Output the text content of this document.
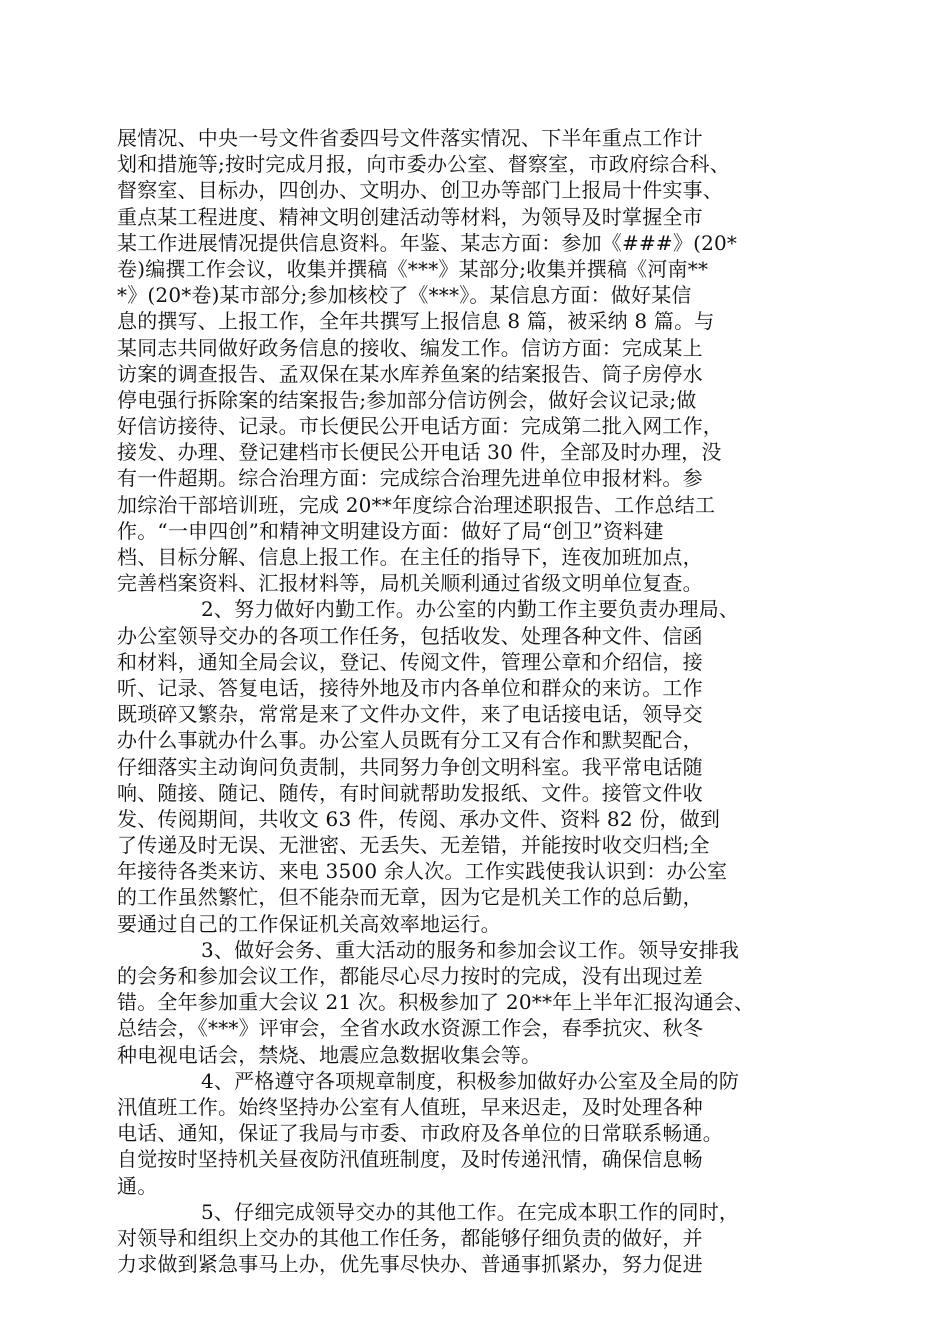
展情况、中央一号文件省委四号文件落实情况、下半年重点工作计
划和措施等;按时完成月报，向市委办公室、督察室，市政府综合科、
督察室、目标办，四创办、文明办、创卫办等部门上报局十件实事、
重点某工程进度、精神文明创建活动等材料，为领导及时掌握全市
某工作进展情况提供信息资料。年鉴、某志方面：参加《###》(20*
卷)编撰工作会议，收集并撰稿《***》某部分;收集并撰稿《河南**
*》(20*卷)某市部分;参加核校了《***》。某信息方面：做好某信
息的撰写、上报工作，全年共撰写上报信息 8 篇，被采纳 8 篇。与
某同志共同做好政务信息的接收、编发工作。信访方面：完成某上
访案的调查报告、孟双保在某水库养鱼案的结案报告、筒子房停水
停电强行拆除案的结案报告;参加部分信访例会，做好会议记录;做
好信访接待、记录。市长便民公开电话方面：完成第二批入网工作，
接发、办理、登记建档市长便民公开电话 30 件，全部及时办理，没
有一件超期。综合治理方面：完成综合治理先进单位申报材料。参
加综治干部培训班，完成 20**年度综合治理述职报告、工作总结工
作。“一申四创”和精神文明建设方面：做好了局“创卫”资料建
档、目标分解、信息上报工作。在主任的指导下，连夜加班加点，
完善档案资料、汇报材料等，局机关顺利通过省级文明单位复查。
2、努力做好内勤工作。办公室的内勤工作主要负责办理局、
办公室领导交办的各项工作任务，包括收发、处理各种文件、信函
和材料，通知全局会议，登记、传阅文件，管理公章和介绍信，接
听、记录、答复电话，接待外地及市内各单位和群众的来访。工作
既琐碎又繁杂，常常是来了文件办文件，来了电话接电话，领导交
办什么事就办什么事。办公室人员既有分工又有合作和默契配合，
仔细落实主动询问负责制，共同努力争创文明科室。我平常电话随
响、随接、随记、随传，有时间就帮助发报纸、文件。接管文件收
发、传阅期间，共收文 63 件，传阅、承办文件、资料 82 份，做到
了传递及时无误、无泄密、无丢失、无差错，并能按时收交归档;全
年接待各类来访、来电 3500 余人次。工作实践使我认识到：办公室
的工作虽然繁忙，但不能杂而无章，因为它是机关工作的总后勤，
要通过自己的工作保证机关高效率地运行。
3、做好会务、重大活动的服务和参加会议工作。领导安排我
的会务和参加会议工作，都能尽心尽力按时的完成，没有出现过差
错。全年参加重大会议 21 次。积极参加了 20**年上半年汇报沟通会、
总结会，《***》评审会，全省水政水资源工作会，春季抗灾、秋冬
种电视电话会，禁烧、地震应急数据收集会等。
4、严格遵守各项规章制度，积极参加做好办公室及全局的防
汛值班工作。始终坚持办公室有人值班，早来迟走，及时处理各种
电话、通知，保证了我局与市委、市政府及各单位的日常联系畅通。
自觉按时坚持机关昼夜防汛值班制度，及时传递汛情，确保信息畅
通。
5、仔细完成领导交办的其他工作。在完成本职工作的同时，
对领导和组织上交办的其他工作任务，都能够仔细负责的做好，并
力求做到紧急事马上办，优先事尽快办、普通事抓紧办，努力促进
